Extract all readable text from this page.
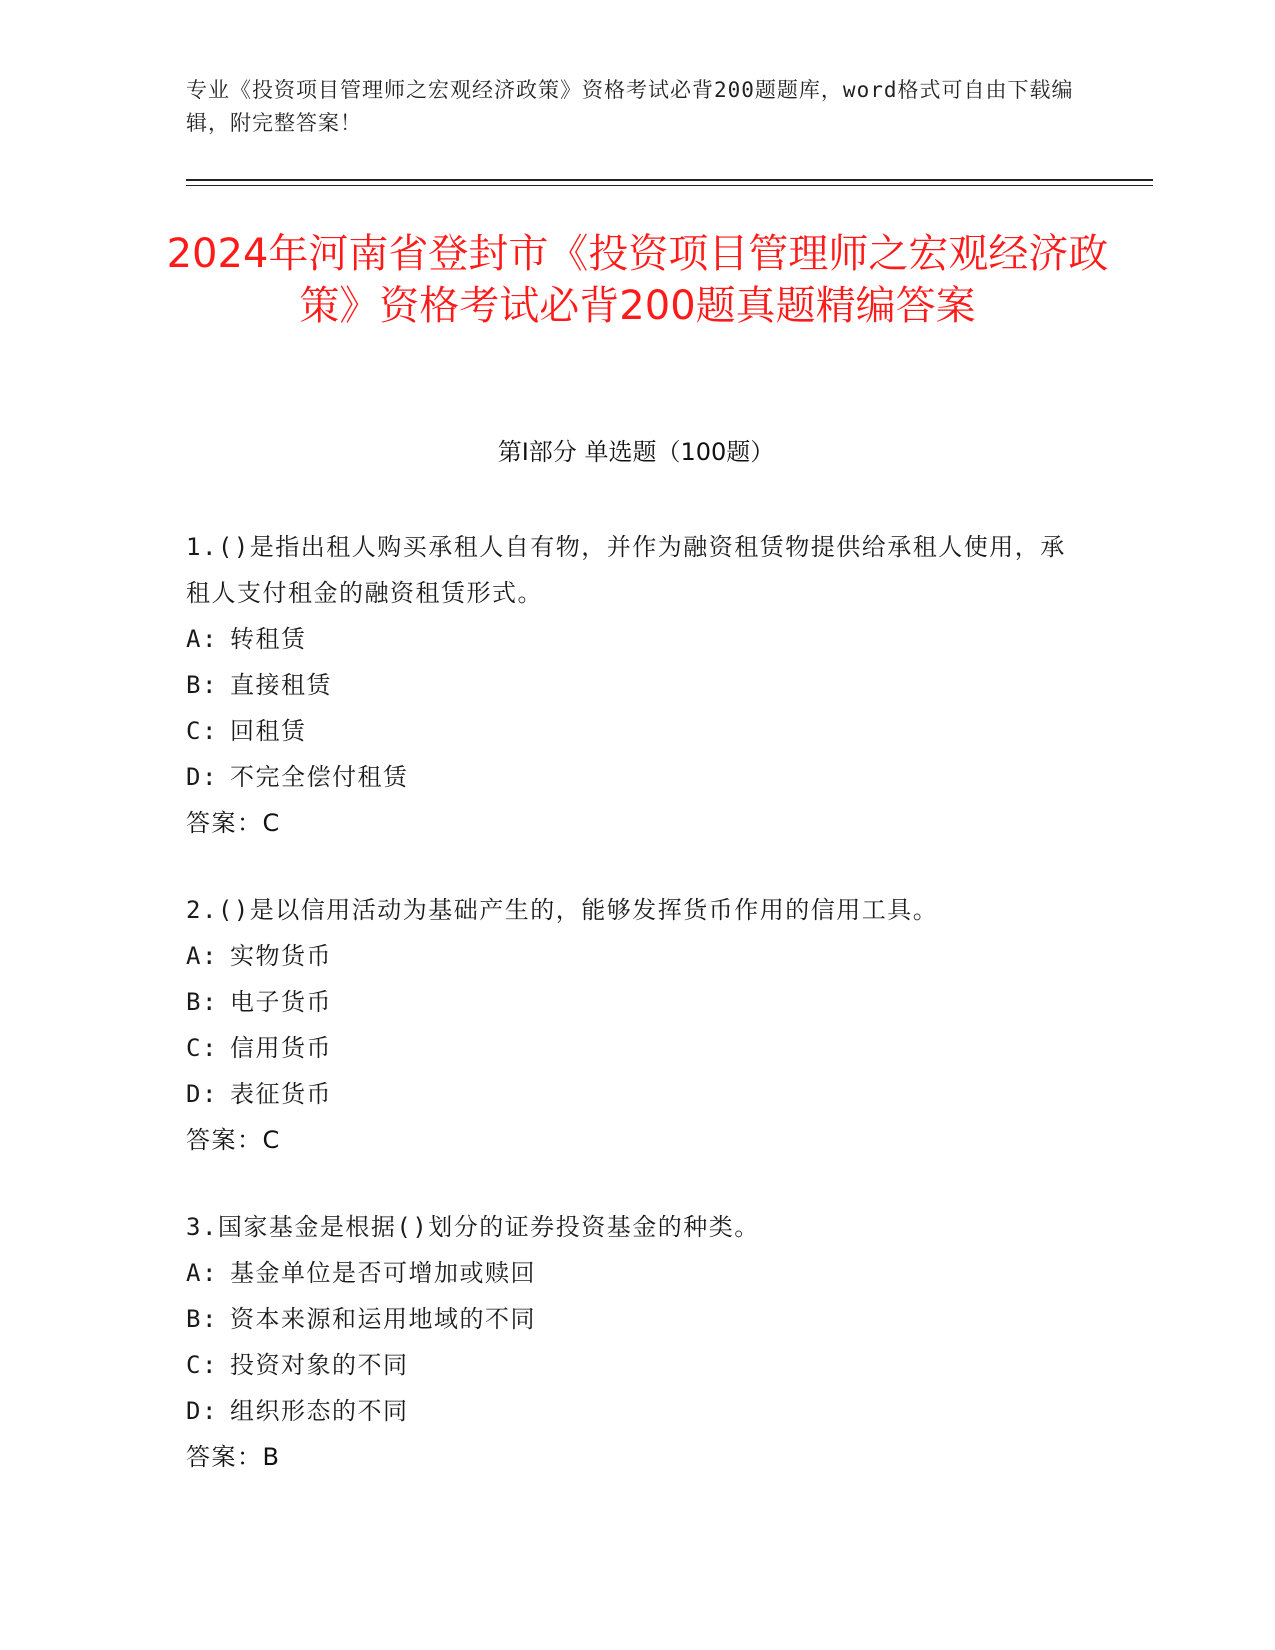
专业《投资项目管理师之宏观经济政策》资格考试必背200题题库，word格式可自由下载编辑，附完整答案！
2024年河南省登封市《投资项目管理师之宏观经济政策》资格考试必背200题真题精编答案
第Ⅰ部分 单选题（100题）
1.()是指出租人购买承租人自有物，并作为融资租赁物提供给承租人使用，承租人支付租金的融资租赁形式。
A: 转租赁
B: 直接租赁
C: 回租赁
D: 不完全偿付租赁
答案：C
2.()是以信用活动为基础产生的，能够发挥货币作用的信用工具。
A: 实物货币
B: 电子货币
C: 信用货币
D: 表征货币
答案：C
3.国家基金是根据()划分的证券投资基金的种类。
A: 基金单位是否可增加或赎回
B: 资本来源和运用地域的不同
C: 投资对象的不同
D: 组织形态的不同
答案：B
